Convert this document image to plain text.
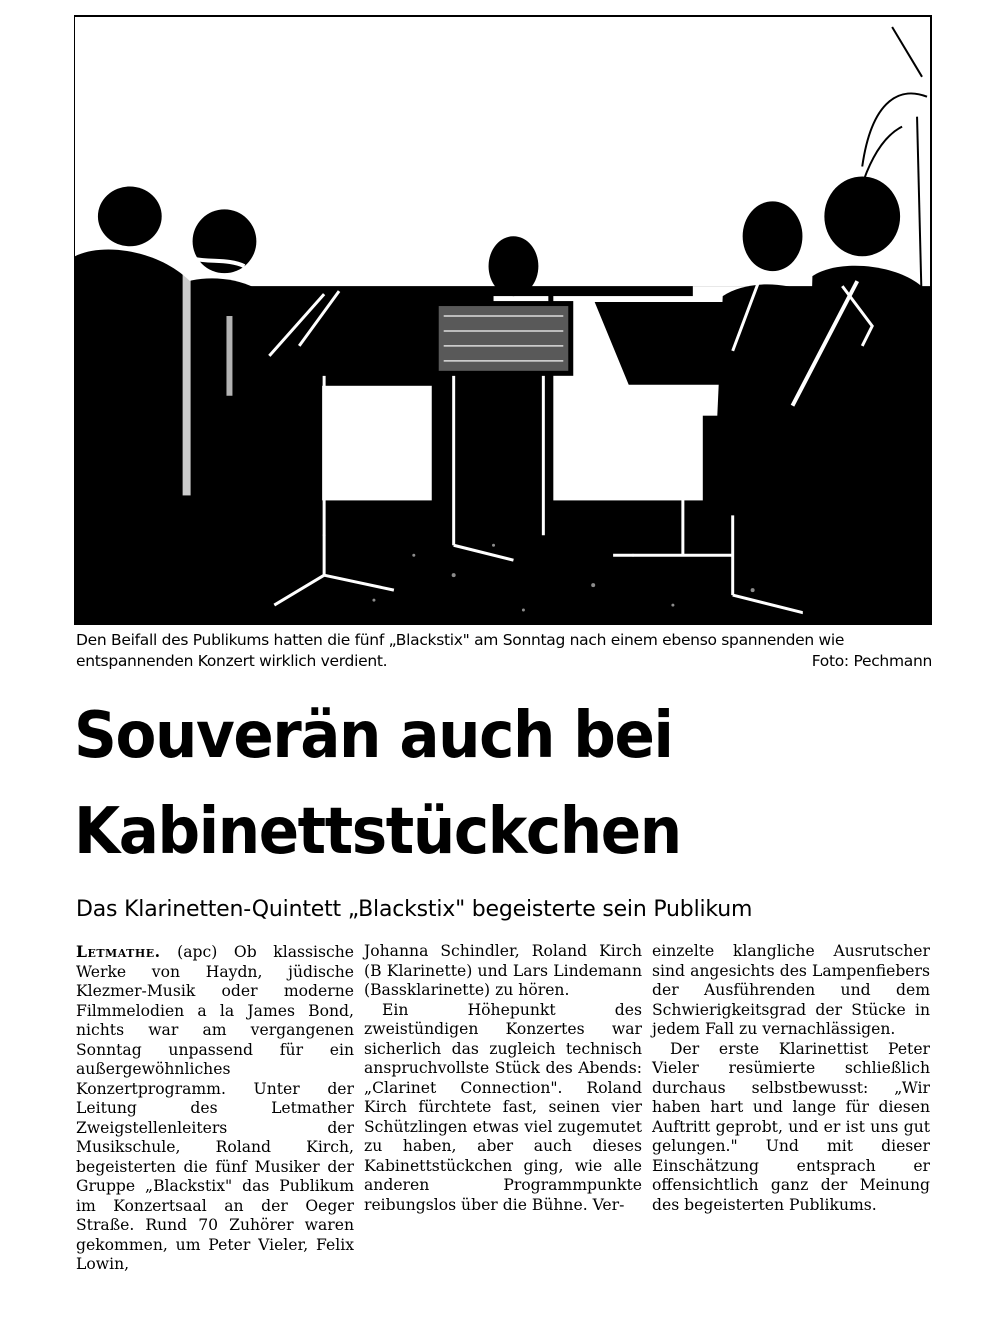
Den Beifall des Publikums hatten die fünf „Blackstix" am Sonntag nach einem ebenso spannenden wie
entspannenden Konzert wirklich verdient.	Foto: Pechmann
Souverän auch bei
Kabinettstückchen
Das Klarinetten-Quintett „Blackstix" begeisterte sein Publikum

Letmathe. (apc) Ob klassische Werke von Haydn, jüdische Klezmer-Musik oder moderne Filmmelodien a la James Bond, nichts war am vergangenen Sonntag unpassend für ein außergewöhnliches Konzertprogramm. Unter der Leitung des Letmather Zweigstellenleiters der Musikschule, Roland Kirch, begeisterten die fünf Musiker der Gruppe „Blackstix" das Publikum im Konzertsaal an der Oeger Straße. Rund 70 Zuhörer waren gekommen, um Peter Vieler, Felix Lowin,

Johanna Schindler, Roland Kirch (B Klarinette) und Lars Lindemann (Bassklarinette) zu hören.

Ein Höhepunkt des zweistündigen Konzertes war sicherlich das zugleich technisch anspruchvollste Stück des Abends: „Clarinet Connection". Roland Kirch fürchtete fast, seinen vier Schützlingen etwas viel zugemutet zu haben, aber auch dieses Kabinettstückchen ging, wie alle anderen Programmpunkte reibungslos über die Bühne. Ver-

einzelte klangliche Ausrutscher sind angesichts des Lampenfiebers der Ausführenden und dem Schwierigkeitsgrad der Stücke in jedem Fall zu vernachlässigen.

Der erste Klarinettist Peter Vieler resümierte schließlich durchaus selbstbewusst: „Wir haben hart und lange für diesen Auftritt geprobt, und er ist uns gut gelungen." Und mit dieser Einschätzung entsprach er offensichtlich ganz der Meinung des begeisterten Publikums.
